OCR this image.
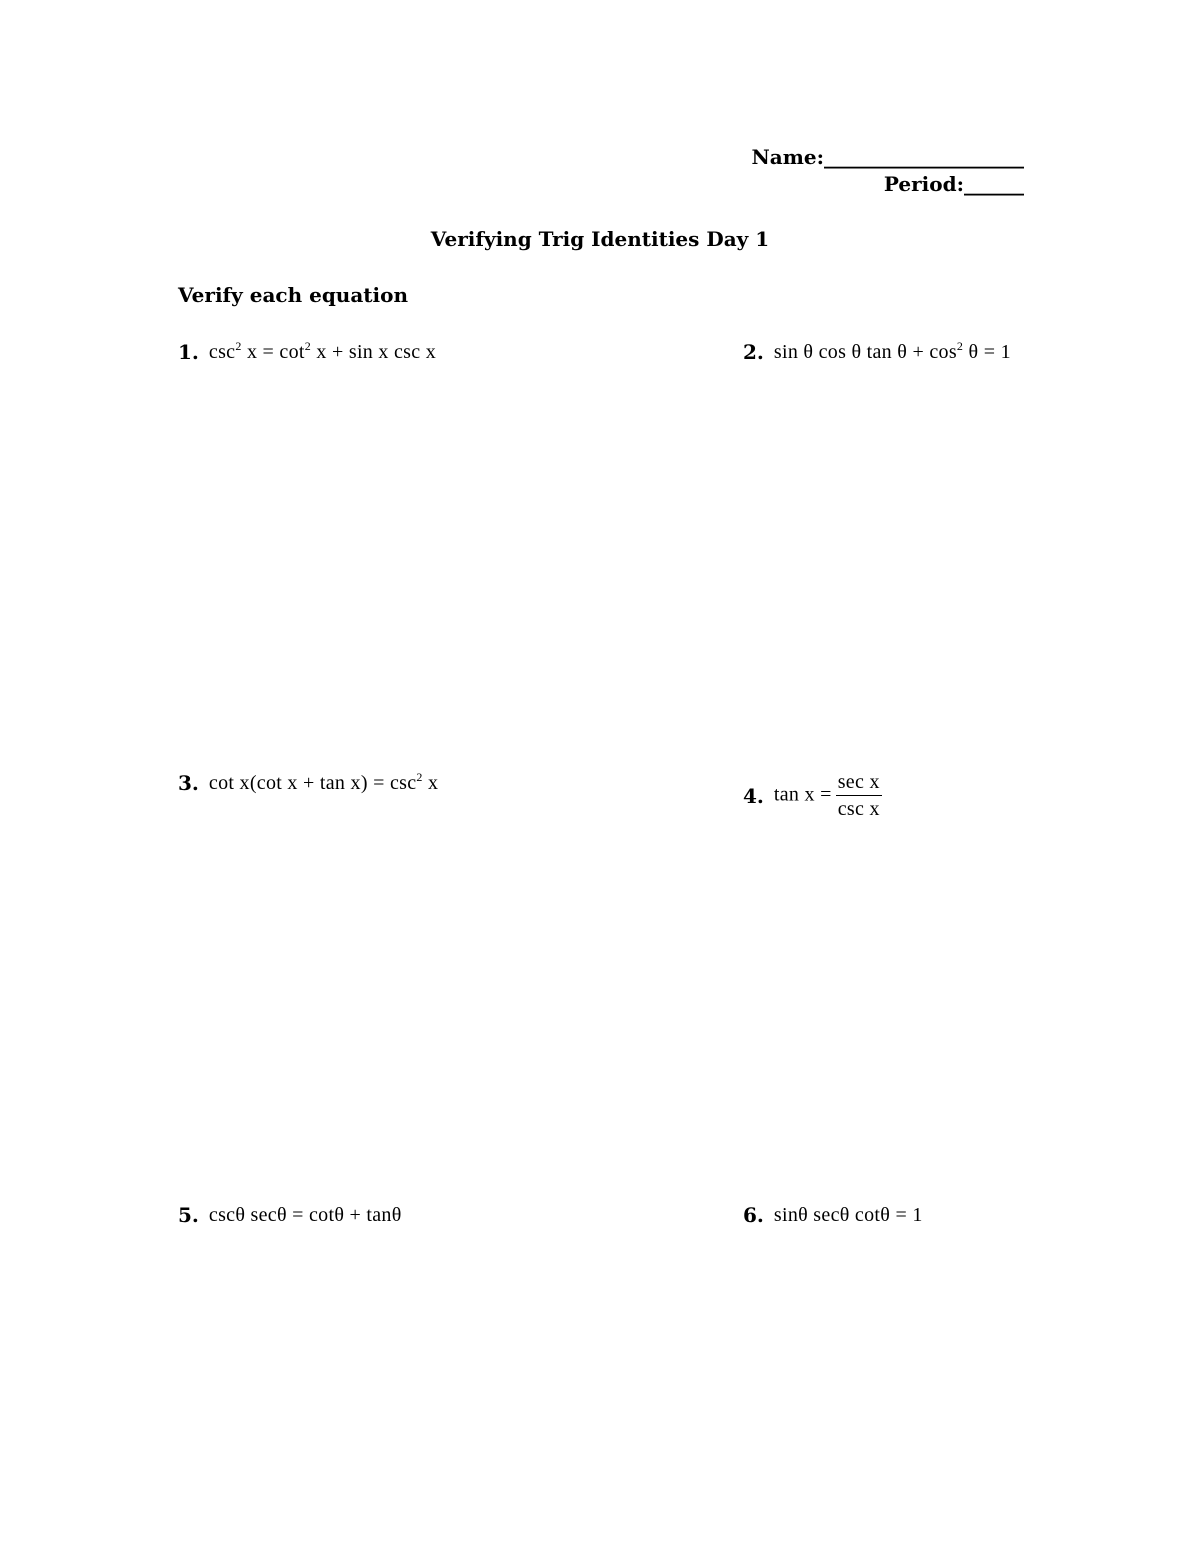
Name:____________________
Period:______
Verifying Trig Identities Day 1
Verify each equation
1. $\csc^2 x = \cot^2 x + \sin x$ csc x	2. sin θ cos θ $\tan \theta + \cos^2 \theta = 1$
3. cot x(cot $x + \tan x) = \csc^2 x$
4. $\tan x = \frac{\text{sec x}}{\text{csc x}}$
5. cscθ secθ = cotθ + tanθ	6. sinθ secθ cotθ = 1
